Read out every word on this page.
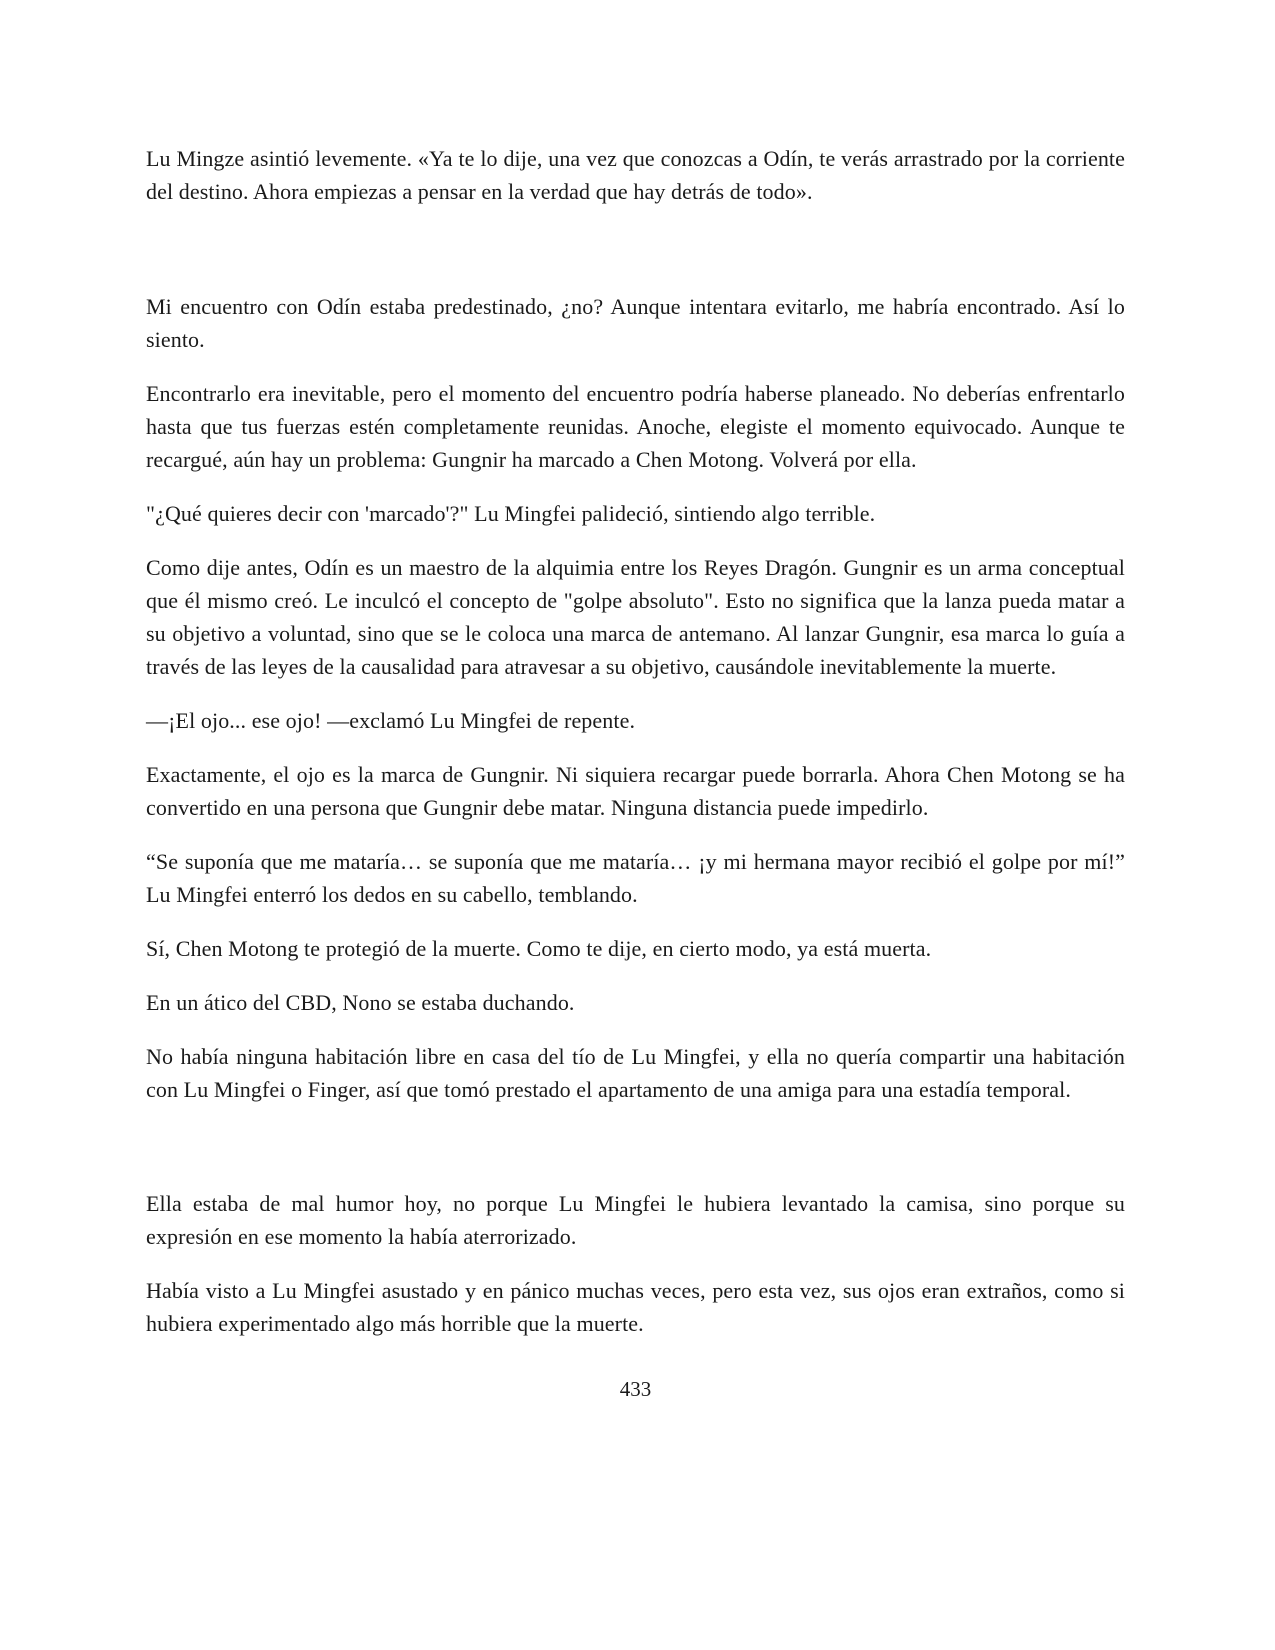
Lu Mingze asintió levemente. «Ya te lo dije, una vez que conozcas a Odín, te verás arrastrado por la corriente del destino. Ahora empiezas a pensar en la verdad que hay detrás de todo».

Mi encuentro con Odín estaba predestinado, ¿no? Aunque intentara evitarlo, me habría encontrado. Así lo siento.

Encontrarlo era inevitable, pero el momento del encuentro podría haberse planeado. No deberías enfrentarlo hasta que tus fuerzas estén completamente reunidas. Anoche, elegiste el momento equivocado. Aunque te recargué, aún hay un problema: Gungnir ha marcado a Chen Motong. Volverá por ella.

"¿Qué quieres decir con 'marcado'?" Lu Mingfei palideció, sintiendo algo terrible.

Como dije antes, Odín es un maestro de la alquimia entre los Reyes Dragón. Gungnir es un arma conceptual que él mismo creó. Le inculcó el concepto de "golpe absoluto". Esto no significa que la lanza pueda matar a su objetivo a voluntad, sino que se le coloca una marca de antemano. Al lanzar Gungnir, esa marca lo guía a través de las leyes de la causalidad para atravesar a su objetivo, causándole inevitablemente la muerte.

—¡El ojo... ese ojo! —exclamó Lu Mingfei de repente.

Exactamente, el ojo es la marca de Gungnir. Ni siquiera recargar puede borrarla. Ahora Chen Motong se ha convertido en una persona que Gungnir debe matar. Ninguna distancia puede impedirlo.

“Se suponía que me mataría… se suponía que me mataría… ¡y mi hermana mayor recibió el golpe por mí!” Lu Mingfei enterró los dedos en su cabello, temblando.

Sí, Chen Motong te protegió de la muerte. Como te dije, en cierto modo, ya está muerta.

En un ático del CBD, Nono se estaba duchando.

No había ninguna habitación libre en casa del tío de Lu Mingfei, y ella no quería compartir una habitación con Lu Mingfei o Finger, así que tomó prestado el apartamento de una amiga para una estadía temporal.

Ella estaba de mal humor hoy, no porque Lu Mingfei le hubiera levantado la camisa, sino porque su expresión en ese momento la había aterrorizado.

Había visto a Lu Mingfei asustado y en pánico muchas veces, pero esta vez, sus ojos eran extraños, como si hubiera experimentado algo más horrible que la muerte.

433
